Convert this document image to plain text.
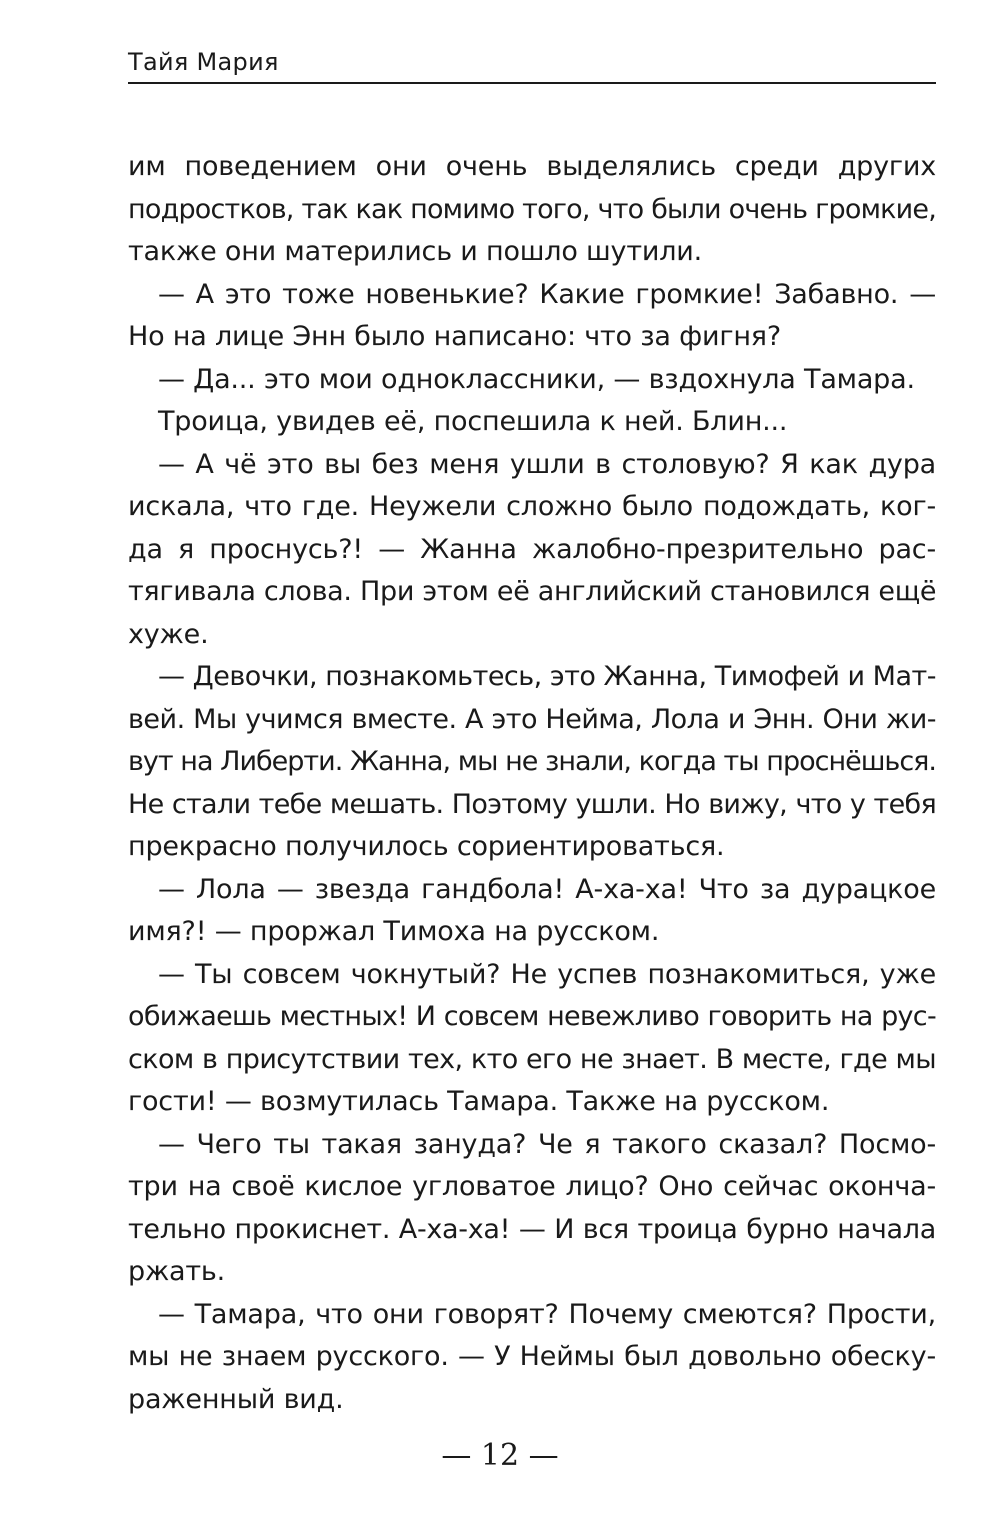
Тайя Мария

им поведением они очень выделялись среди других

подростков, так как помимо того, что были очень громкие,

также они матерились и пошло шутили.

— А это тоже новенькие? Какие громкие! Забавно. —

Но на лице Энн было написано: что за фигня?

— Да... это мои одноклассники, — вздохнула Тамара.

Троица, увидев её, поспешила к ней. Блин...

— А чё это вы без меня ушли в столовую? Я как дура

искала, что где. Неужели сложно было подождать, ког-

да я проснусь?! — Жанна жалобно-презрительно рас-

тягивала слова. При этом её английский становился ещё

хуже.

— Девочки, познакомьтесь, это Жанна, Тимофей и Мат-

вей. Мы учимся вместе. А это Нейма, Лола и Энн. Они жи-

вут на Либерти. Жанна, мы не знали, когда ты проснёшься.

Не стали тебе мешать. Поэтому ушли. Но вижу, что у тебя

прекрасно получилось сориентироваться.

— Лола — звезда гандбола! А-ха-ха! Что за дурацкое

имя?! — проржал Тимоха на русском.

— Ты совсем чокнутый? Не успев познакомиться, уже

обижаешь местных! И совсем невежливо говорить на рус-

ском в присутствии тех, кто его не знает. В месте, где мы

гости! — возмутилась Тамара. Также на русском.

— Чего ты такая зануда? Че я такого сказал? Посмо-

три на своё кислое угловатое лицо? Оно сейчас оконча-

тельно прокиснет. А-ха-ха! — И вся троица бурно начала

ржать.

— Тамара, что они говорят? Почему смеются? Прости,

мы не знаем русского. — У Неймы был довольно обеску-

раженный вид.

— 12 —
